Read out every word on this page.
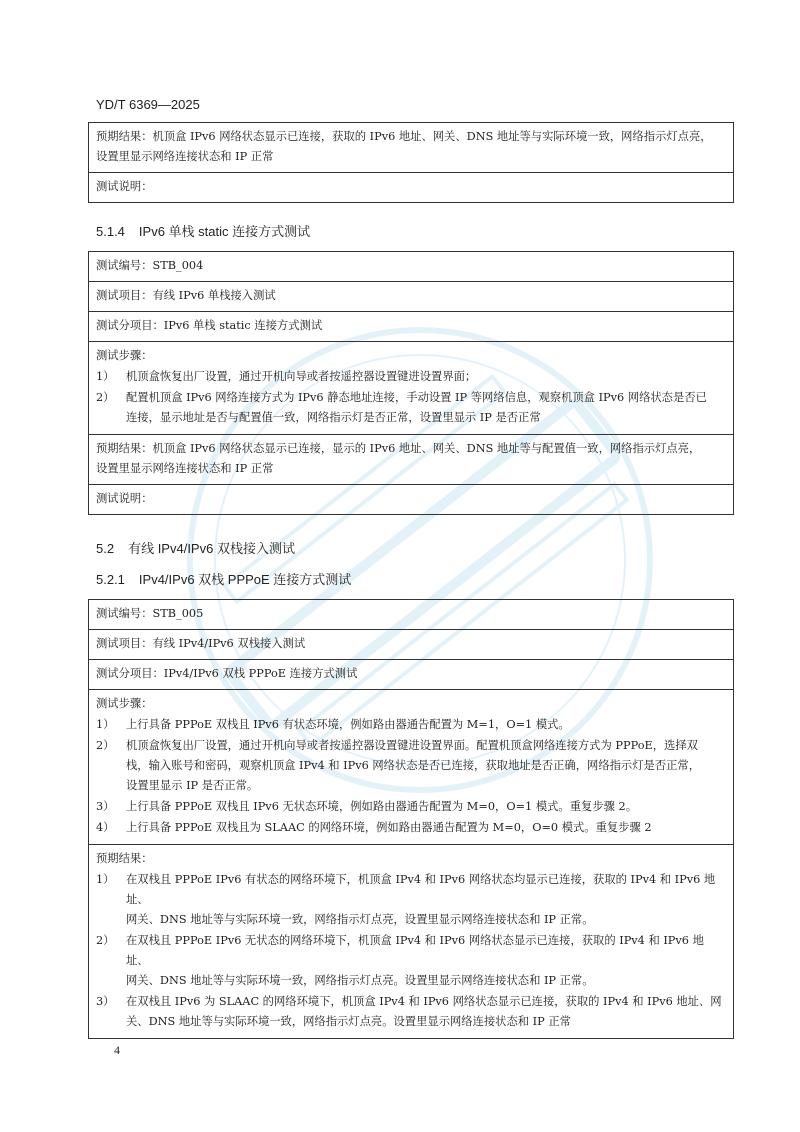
YD/T 6369—2025
预期结果：机顶盒 IPv6 网络状态显示已连接，获取的 IPv6 地址、网关、DNS 地址等与实际环境一致，网络指示灯点亮，
设置里显示网络连接状态和 IP 正常
测试说明：
5.1.4 IPv6 单栈 static 连接方式测试
测试编号：STB_004
测试项目：有线 IPv6 单栈接入测试
测试分项目：IPv6 单栈 static 连接方式测试
测试步骤：
1）	机顶盒恢复出厂设置，通过开机向导或者按遥控器设置键进设置界面；
2）	配置机顶盒 IPv6 网络连接方式为 IPv6 静态地址连接，手动设置 IP 等网络信息，观察机顶盒 IPv6 网络状态是否已
连接，显示地址是否与配置值一致，网络指示灯是否正常，设置里显示 IP 是否正常
预期结果：机顶盒 IPv6 网络状态显示已连接，显示的 IPv6 地址、网关、DNS 地址等与配置值一致，网络指示灯点亮，
设置里显示网络连接状态和 IP 正常
测试说明：
5.2 有线 IPv4/IPv6 双栈接入测试
5.2.1 IPv4/IPv6 双栈 PPPoE 连接方式测试
测试编号：STB_005
测试项目：有线 IPv4/IPv6 双栈接入测试
测试分项目：IPv4/IPv6 双栈 PPPoE 连接方式测试
测试步骤：
1）	上行具备 PPPoE 双栈且 IPv6 有状态环境，例如路由器通告配置为 M=1，O=1 模式。
2）	机顶盒恢复出厂设置，通过开机向导或者按遥控器设置键进设置界面。配置机顶盒网络连接方式为 PPPoE，选择双
栈，输入账号和密码，观察机顶盒 IPv4 和 IPv6 网络状态是否已连接，获取地址是否正确，网络指示灯是否正常，
设置里显示 IP 是否正常。
3）	上行具备 PPPoE 双栈且 IPv6 无状态环境，例如路由器通告配置为 M=0，O=1 模式。重复步骤 2。
4）	上行具备 PPPoE 双栈且为 SLAAC 的网络环境，例如路由器通告配置为 M=0，O=0 模式。重复步骤 2
预期结果：
1）	在双栈且 PPPoE IPv6 有状态的网络环境下，机顶盒 IPv4 和 IPv6 网络状态均显示已连接，获取的 IPv4 和 IPv6 地址、
网关、DNS 地址等与实际环境一致，网络指示灯点亮，设置里显示网络连接状态和 IP 正常。
2）	在双栈且 PPPoE IPv6 无状态的网络环境下，机顶盒 IPv4 和 IPv6 网络状态显示已连接，获取的 IPv4 和 IPv6 地址、
网关、DNS 地址等与实际环境一致，网络指示灯点亮。设置里显示网络连接状态和 IP 正常。
3）	在双栈且 IPv6 为 SLAAC 的网络环境下，机顶盒 IPv4 和 IPv6 网络状态显示已连接，获取的 IPv4 和 IPv6 地址、网
关、DNS 地址等与实际环境一致，网络指示灯点亮。设置里显示网络连接状态和 IP 正常
4
